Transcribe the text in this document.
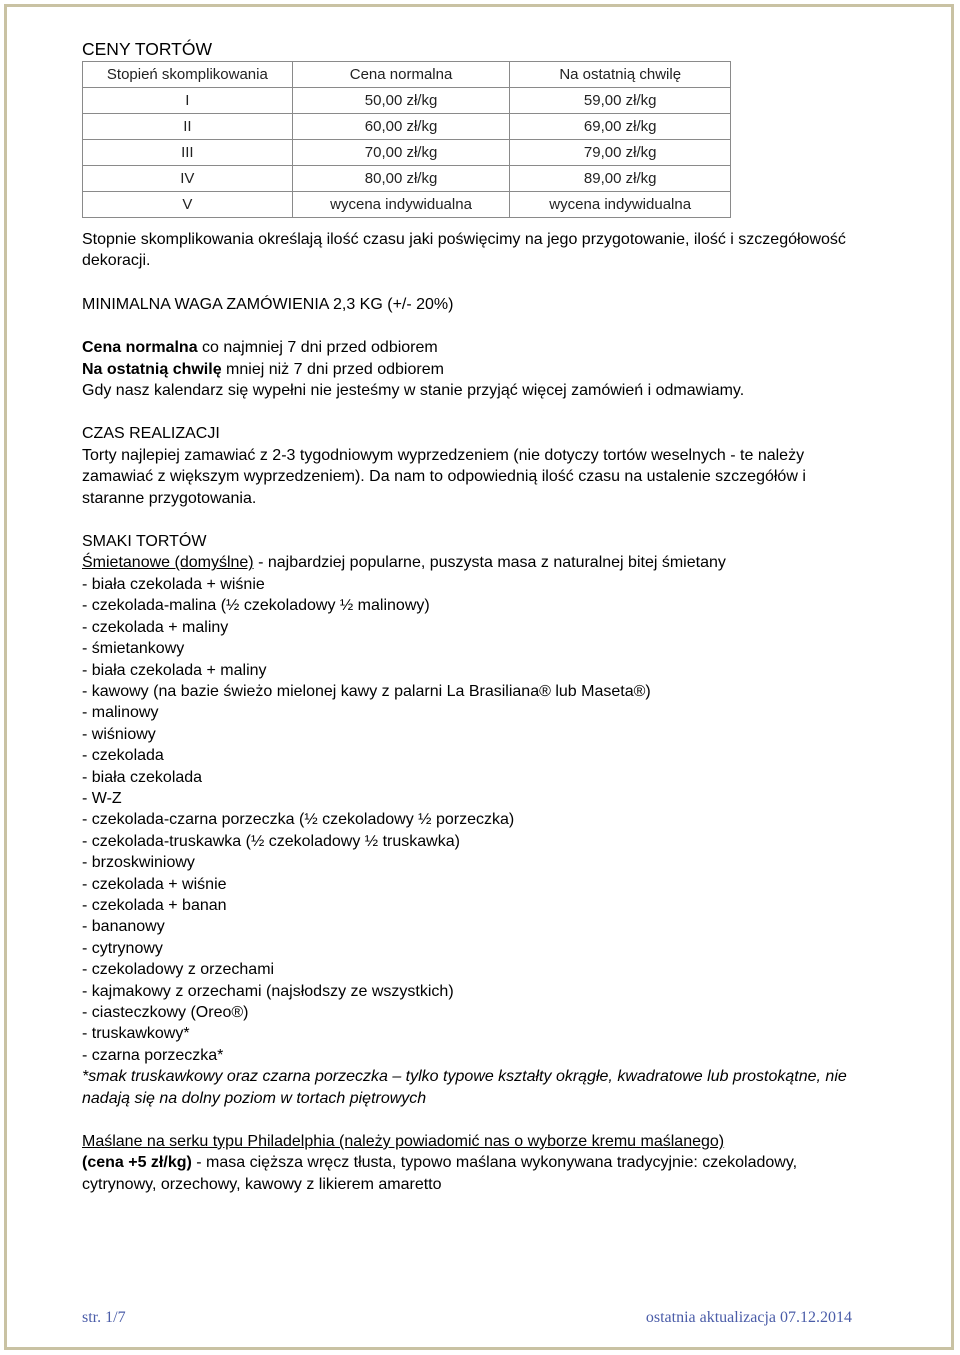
CENY TORTÓW
Stopień skomplikowania	Cena normalna	Na ostatnią chwilę
I	50,00 zł/kg	59,00 zł/kg
II	60,00 zł/kg	69,00 zł/kg
III	70,00 zł/kg	79,00 zł/kg
IV	80,00 zł/kg	89,00 zł/kg
V	wycena indywidualna	wycena indywidualna
Stopnie skomplikowania określają ilość czasu jaki poświęcimy na jego przygotowanie, ilość i szczegółowość dekoracji.
MINIMALNA WAGA ZAMÓWIENIA 2,3 KG (+/- 20%)
Cena normalna co najmniej 7 dni przed odbiorem
Na ostatnią chwilę mniej niż 7 dni przed odbiorem
Gdy nasz kalendarz się wypełni nie jesteśmy w stanie przyjąć więcej zamówień i odmawiamy.
CZAS REALIZACJI
Torty najlepiej zamawiać z 2-3 tygodniowym wyprzedzeniem (nie dotyczy tortów weselnych - te należy zamawiać z większym wyprzedzeniem). Da nam to odpowiednią ilość czasu na ustalenie szczegółów i staranne przygotowania.
SMAKI TORTÓW
Śmietanowe (domyślne) - najbardziej popularne, puszysta masa z naturalnej bitej śmietany
- biała czekolada + wiśnie
- czekolada-malina (½ czekoladowy ½ malinowy)
- czekolada + maliny
- śmietankowy
- biała czekolada + maliny
- kawowy (na bazie świeżo mielonej kawy z palarni La Brasiliana® lub Maseta®)
- malinowy
- wiśniowy
- czekolada
- biała czekolada
- W-Z
- czekolada-czarna porzeczka (½ czekoladowy ½ porzeczka)
- czekolada-truskawka (½ czekoladowy ½ truskawka)
- brzoskwiniowy
- czekolada + wiśnie
- czekolada + banan
- bananowy
- cytrynowy
- czekoladowy z orzechami
- kajmakowy z orzechami (najsłodszy ze wszystkich)
- ciasteczkowy (Oreo®)
- truskawkowy*
- czarna porzeczka*
*smak truskawkowy oraz czarna porzeczka – tylko typowe kształty okrągłe, kwadratowe lub prostokątne, nie nadają się na dolny poziom w tortach piętrowych
Maślane na serku typu Philadelphia (należy powiadomić nas o wyborze kremu maślanego)
(cena +5 zł/kg) - masa cięższa wręcz tłusta, typowo maślana wykonywana tradycyjnie: czekoladowy, cytrynowy, orzechowy, kawowy z likierem amaretto
str. 1/7	ostatnia aktualizacja 07.12.2014
